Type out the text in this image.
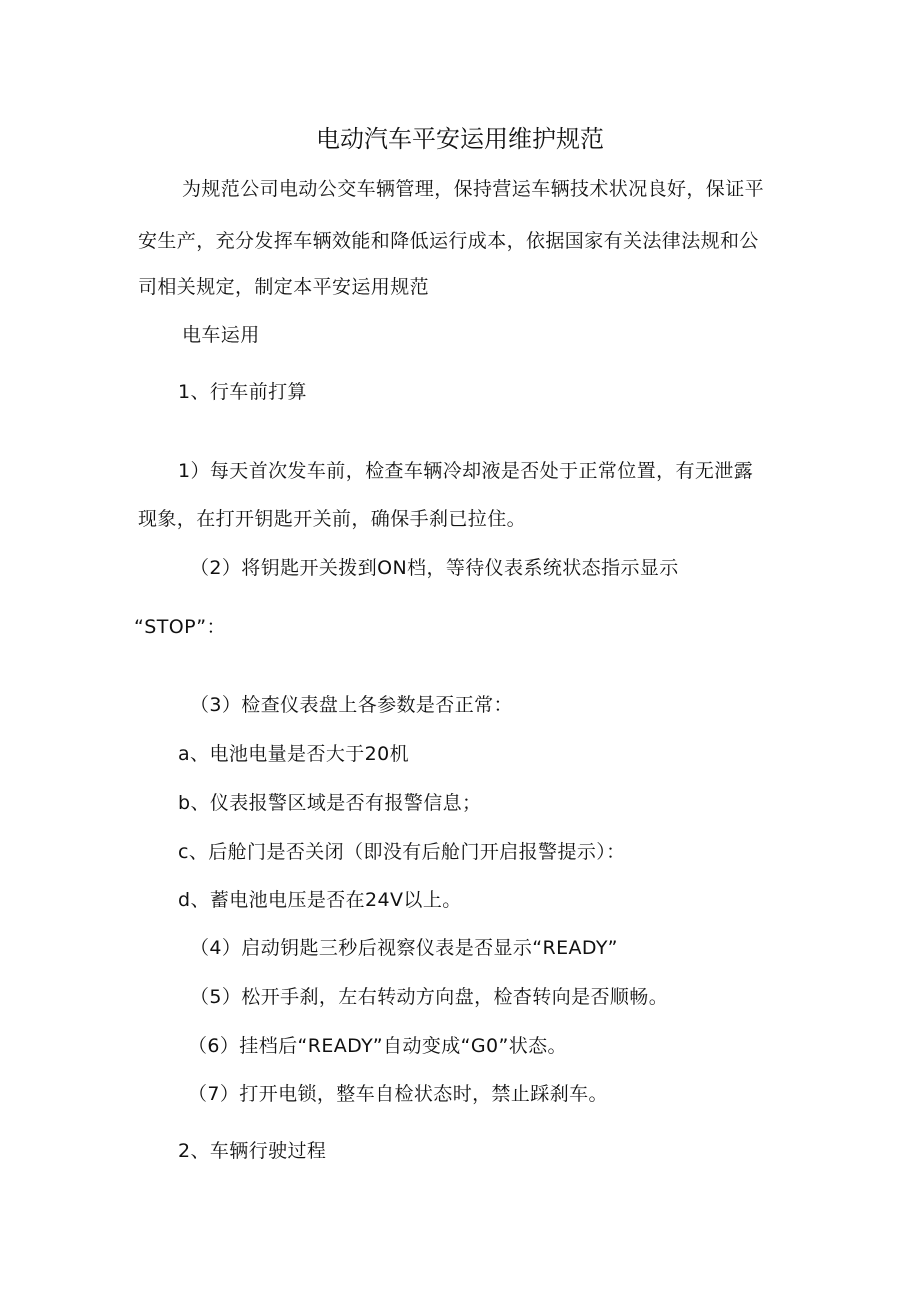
电动汽车平安运用维护规范
为规范公司电动公交车辆管理，保持营运车辆技术状况良好，保证平
安生产，充分发挥车辆效能和降低运行成本，依据国家有关法律法规和公
司相关规定，制定本平安运用规范
电车运用
1、行车前打算
1）每天首次发车前，检查车辆冷却液是否处于正常位置，有无泄露
现象，在打开钥匙开关前，确保手刹已拉住。
（2）将钥匙开关拨到ON档，等待仪表系统状态指示显示
“STOP”：
（3）检查仪表盘上各参数是否正常：
a、电池电量是否大于20机
b、仪表报警区域是否有报警信息；
c、后舱门是否关闭（即没有后舱门开启报警提示）：
d、蓄电池电压是否在24V以上。
（4）启动钥匙三秒后视察仪表是否显示“READY”
（5）松开手刹，左右转动方向盘，检杳转向是否顺畅。
（6）挂档后“READY”自动变成“G0”状态。
（7）打开电锁，整车自检状态时，禁止踩刹车。
2、车辆行驶过程
